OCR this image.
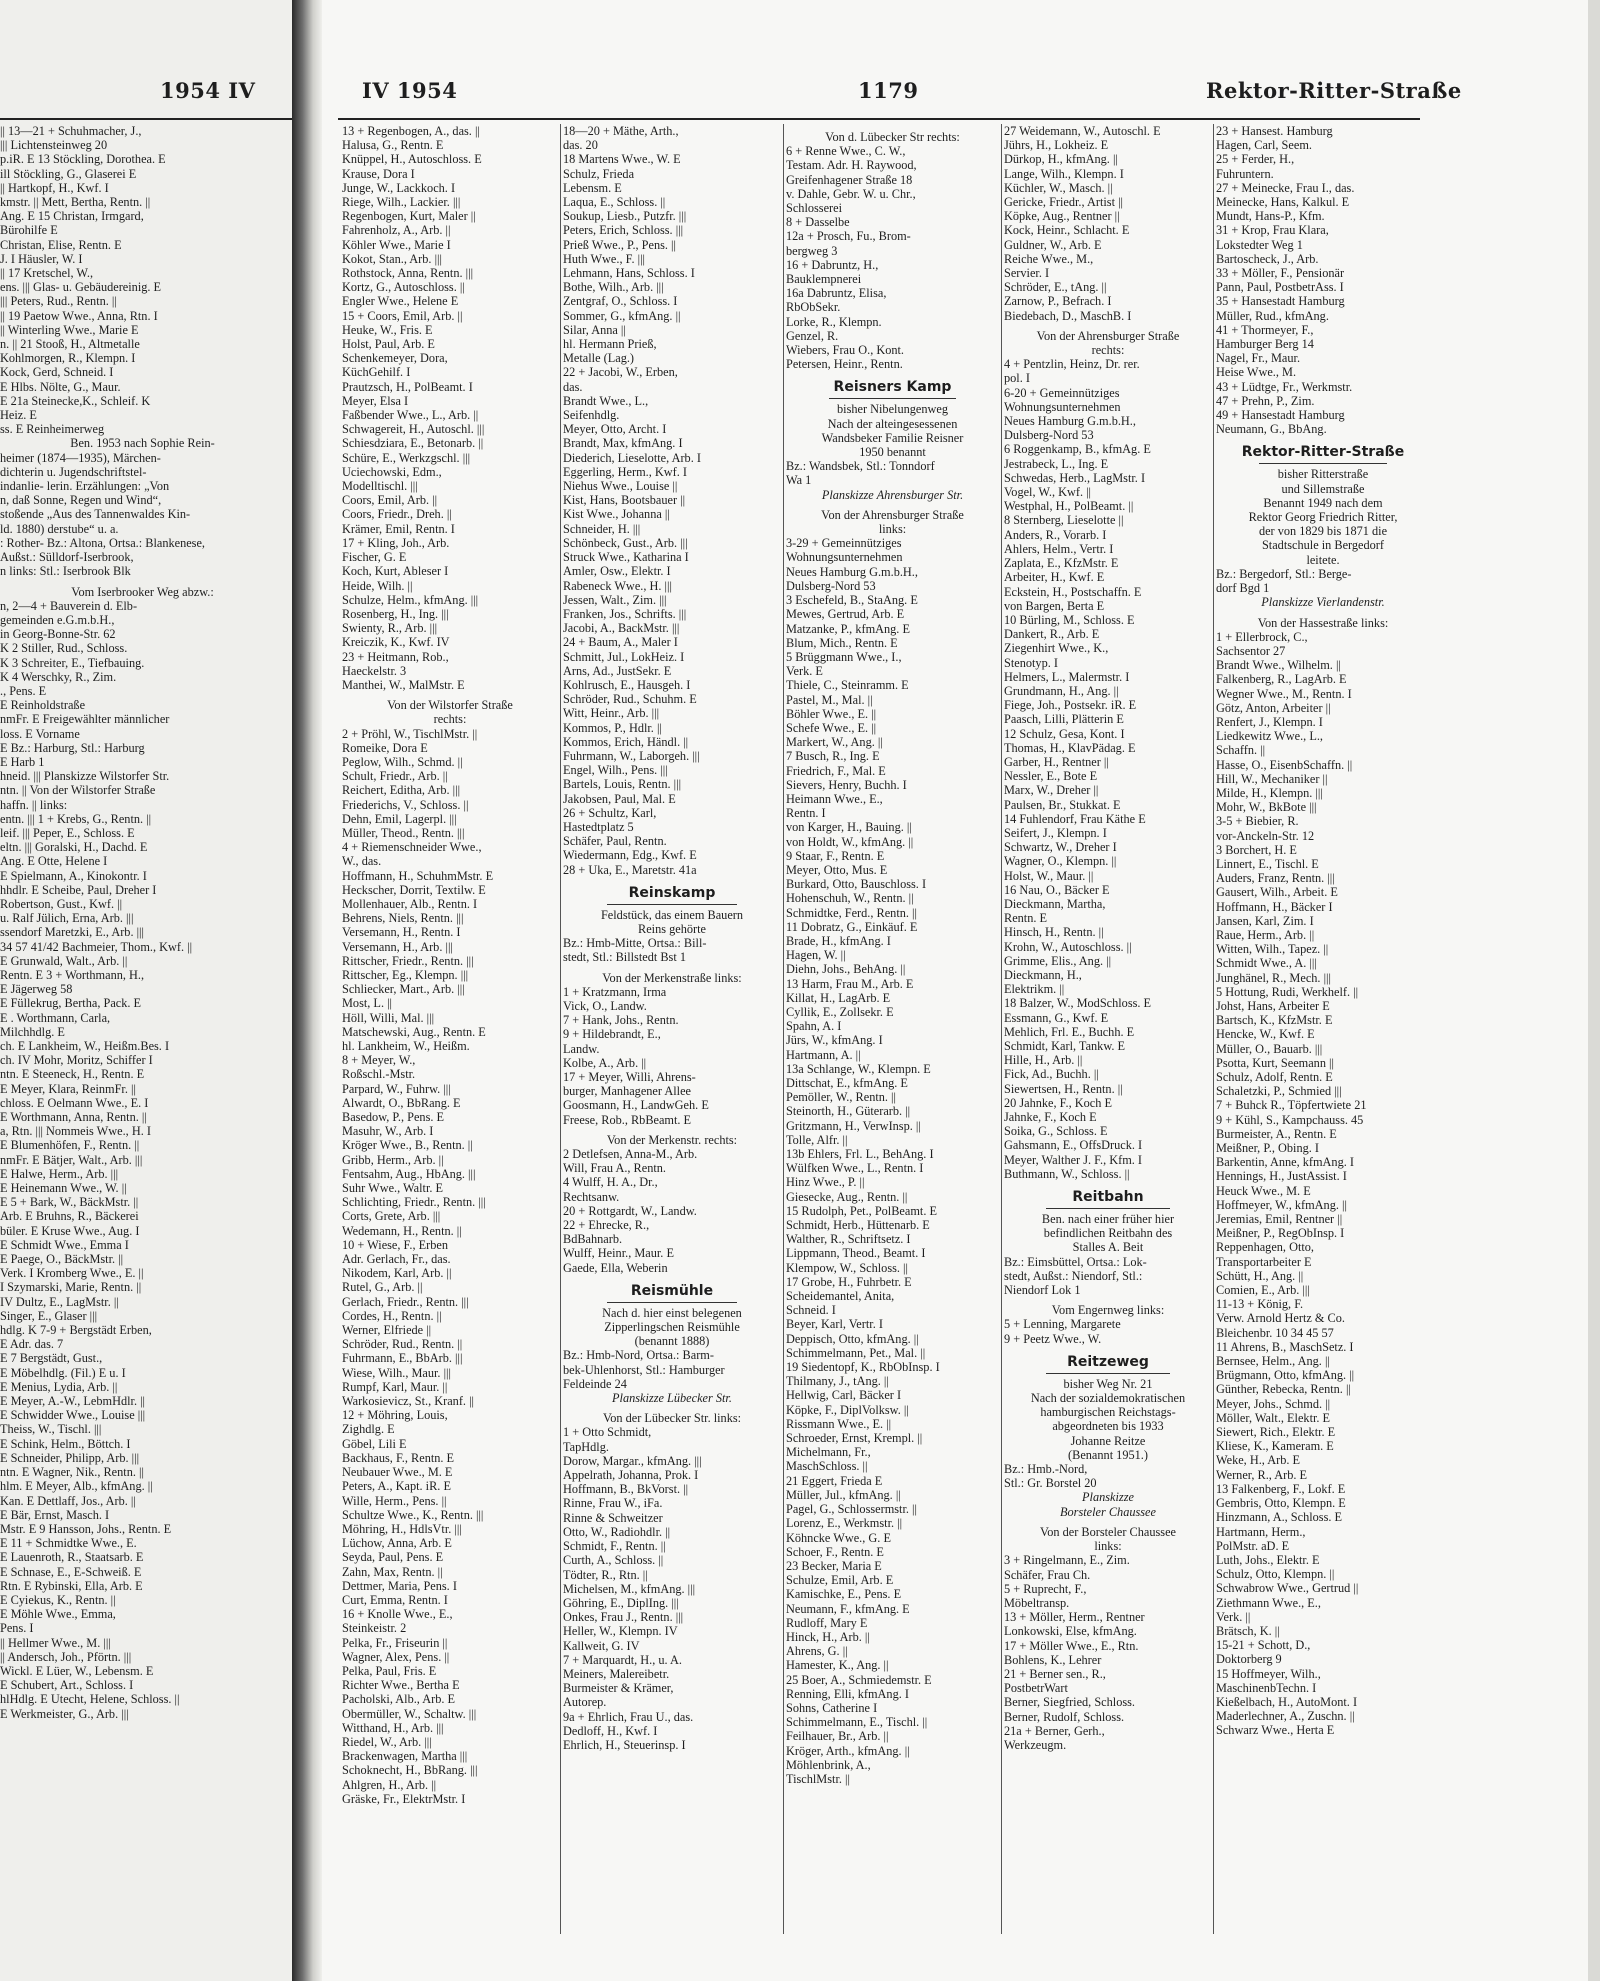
1954 IV	IV 1954	1179	Rektor-Ritter-Straße
|| 13—21 + Schuhmacher, J.,
||| Lichtensteinweg 20
p.iR. E 13 Stöckling, Dorothea. E
ill Stöckling, G., Glaserei E
|| Hartkopf, H., Kwf. I
kmstr. || Mett, Bertha, Rentn. ||
Ang. E 15 Christan, Irmgard,
Bürohilfe E
Christan, Elise, Rentn. E
J. I Häusler, W. I
|| 17 Kretschel, W.,
ens. ||| Glas- u. Gebäudereinig. E
||| Peters, Rud., Rentn. ||
|| 19 Paetow Wwe., Anna, Rtn. I
|| Winterling Wwe., Marie E
n. || 21 Stooß, H., Altmetalle
Kohlmorgen, R., Klempn. I
Kock, Gerd, Schneid. I
E Hlbs. Nölte, G., Maur.
E 21a Steinecke,K., Schleif. K
Heiz. E
ss. E Reinheimerweg
Ben. 1953 nach Sophie Rein-
heimer (1874—1935), Märchen-
dichterin u. Jugendschriftstel-
indanlie- lerin. Erzählungen: „Von
n, daß Sonne, Regen und Wind“,
stoßende „Aus des Tannenwaldes Kin-
ld. 1880) derstube“ u. a.
: Rother- Bz.: Altona, Ortsa.: Blankenese,
Außst.: Sülldorf-Iserbrook,
n links: Stl.: Iserbrook Blk
Vom Iserbrooker Weg abzw.:
n, 2—4 + Bauverein d. Elb-
gemeinden e.G.m.b.H.,
in Georg-Bonne-Str. 62
K 2 Stiller, Rud., Schloss.
K 3 Schreiter, E., Tiefbauing.
K 4 Werschky, R., Zim.
., Pens. E
E Reinholdstraße
nmFr. E Freigewählter männlicher
loss. E Vorname
E Bz.: Harburg, Stl.: Harburg
E Harb 1
hneid. ||| Planskizze Wilstorfer Str.
ntn. || Von der Wilstorfer Straße
haffn. || links:
entn. ||| 1 + Krebs, G., Rentn. ||
leif. ||| Peper, E., Schloss. E
eltn. ||| Goralski, H., Dachd. E
Ang. E Otte, Helene I
E Spielmann, A., Kinokontr. I
hhdlr. E Scheibe, Paul, Dreher I
Robertson, Gust., Kwf. ||
u. Ralf Jülich, Erna, Arb. |||
ssendorf Maretzki, E., Arb. |||
34 57 41/42 Bachmeier, Thom., Kwf. ||
E Grunwald, Walt., Arb. ||
Rentn. E 3 + Worthmann, H.,
E Jägerweg 58
E Füllekrug, Bertha, Pack. E
E . Worthmann, Carla,
Milchhdlg. E
ch. E Lankheim, W., Heißm.Bes. I
ch. IV Mohr, Moritz, Schiffer I
ntn. E Steeneck, H., Rentn. E
E Meyer, Klara, ReinmFr. ||
chloss. E Oelmann Wwe., E. I
E Worthmann, Anna, Rentn. ||
a, Rtn. ||| Nommeis Wwe., H. I
E Blumenhöfen, F., Rentn. ||
nmFr. E Bätjer, Walt., Arb. |||
E Halwe, Herm., Arb. |||
E Heinemann Wwe., W. ||
E 5 + Bark, W., BäckMstr. ||
Arb. E Bruhns, R., Bäckerei
büler. E Kruse Wwe., Aug. I
E Schmidt Wwe., Emma I
E Paege, O., BäckMstr. ||
Verk. I Kromberg Wwe., E. ||
I Szymarski, Marie, Rentn. ||
IV Dultz, E., LagMstr. ||
Singer, E., Glaser |||
hdlg. K 7-9 + Bergstädt Erben,
E Adr. das. 7
E 7 Bergstädt, Gust.,
E Möbelhdlg. (Fil.) E u. I
E Menius, Lydia, Arb. ||
E Meyer, A.-W., LebmHdlr. ||
E Schwidder Wwe., Louise |||
Theiss, W., Tischl. |||
E Schink, Helm., Böttch. I
E Schneider, Philipp, Arb. |||
ntn. E Wagner, Nik., Rentn. ||
hlm. E Meyer, Alb., kfmAng. ||
Kan. E Dettlaff, Jos., Arb. ||
E Bär, Ernst, Masch. I
Mstr. E 9 Hansson, Johs., Rentn. E
E 11 + Schmidtke Wwe., E.
E Lauenroth, R., Staatsarb. E
E Schnase, E., E-Schweiß. E
Rtn. E Rybinski, Ella, Arb. E
E Cyiekus, K., Rentn. ||
E Möhle Wwe., Emma,
Pens. I
|| Hellmer Wwe., M. |||
|| Andersch, Joh., Pförtn. |||
Wickl. E Lüer, W., Lebensm. E
E Schubert, Art., Schloss. I
hlHdlg. E Utecht, Helene, Schloss. ||
E Werkmeister, G., Arb. |||
13 + Regenbogen, A., das. ||
Halusa, G., Rentn. E
Knüppel, H., Autoschloss. E
Krause, Dora I
Junge, W., Lackkoch. I
Riege, Wilh., Lackier. |||
Regenbogen, Kurt, Maler ||
Fahrenholz, A., Arb. ||
Köhler Wwe., Marie I
Kokot, Stan., Arb. |||
Rothstock, Anna, Rentn. |||
Kortz, G., Autoschloss. ||
Engler Wwe., Helene E
15 + Coors, Emil, Arb. ||
Heuke, W., Fris. E
Holst, Paul, Arb. E
Schenkemeyer, Dora,
KüchGehilf. I
Prautzsch, H., PolBeamt. I
Meyer, Elsa I
Faßbender Wwe., L., Arb. ||
Schwagereit, H., Autoschl. |||
Schiesdziara, E., Betonarb. ||
Schüre, E., Werkzgschl. |||
Uciechowski, Edm.,
Modelltischl. |||
Coors, Emil, Arb. ||
Coors, Friedr., Dreh. ||
Krämer, Emil, Rentn. I
17 + Kling, Joh., Arb.
Fischer, G. E
Koch, Kurt, Ableser I
Heide, Wilh. ||
Schulze, Helm., kfmAng. |||
Rosenberg, H., Ing. |||
Swienty, R., Arb. |||
Kreiczik, K., Kwf. IV
23 + Heitmann, Rob.,
Haeckelstr. 3
Manthei, W., MalMstr. E
Von der Wilstorfer Straße
rechts:
2 + Pröhl, W., TischlMstr. ||
Romeike, Dora E
Peglow, Wilh., Schmd. ||
Schult, Friedr., Arb. ||
Reichert, Editha, Arb. |||
Friederichs, V., Schloss. ||
Dehn, Emil, Lagerpl. |||
Müller, Theod., Rentn. |||
4 + Riemenschneider Wwe.,
W., das.
Hoffmann, H., SchuhmMstr. E
Heckscher, Dorrit, Textilw. E
Mollenhauer, Alb., Rentn. I
Behrens, Niels, Rentn. |||
Versemann, H., Rentn. I
Versemann, H., Arb. |||
Rittscher, Friedr., Rentn. |||
Rittscher, Eg., Klempn. |||
Schliecker, Mart., Arb. |||
Most, L. ||
Höll, Willi, Mal. |||
Matschewski, Aug., Rentn. E
hl. Lankheim, W., Heißm.
8 + Meyer, W.,
Roßschl.-Mstr.
Parpard, W., Fuhrw. |||
Alwardt, O., BbRang. E
Basedow, P., Pens. E
Masuhr, W., Arb. I
Kröger Wwe., B., Rentn. ||
Gribb, Herm., Arb. ||
Fentsahm, Aug., HbAng. |||
Suhr Wwe., Waltr. E
Schlichting, Friedr., Rentn. |||
Corts, Grete, Arb. |||
Wedemann, H., Rentn. ||
10 + Wiese, F., Erben
Adr. Gerlach, Fr., das.
Nikodem, Karl, Arb. ||
Rutel, G., Arb. ||
Gerlach, Friedr., Rentn. |||
Cordes, H., Rentn. ||
Werner, Elfriede ||
Schröder, Rud., Rentn. ||
Fuhrmann, E., BbArb. |||
Wiese, Wilh., Maur. |||
Rumpf, Karl, Maur. ||
Warkosievicz, St., Kranf. ||
12 + Möhring, Louis,
Zighdlg. E
Göbel, Lili E
Backhaus, F., Rentn. E
Neubauer Wwe., M. E
Peters, A., Kapt. iR. E
Wille, Herm., Pens. ||
Schultze Wwe., K., Rentn. |||
Möhring, H., HdlsVtr. |||
Lüchow, Anna, Arb. E
Seyda, Paul, Pens. E
Zahn, Max, Rentn. ||
Dettmer, Maria, Pens. I
Curt, Emma, Rentn. I
16 + Knolle Wwe., E.,
Steinkeistr. 2
Pelka, Fr., Friseurin ||
Wagner, Alex, Pens. ||
Pelka, Paul, Fris. E
Richter Wwe., Bertha E
Pacholski, Alb., Arb. E
Obermüller, W., Schaltw. |||
Witthand, H., Arb. |||
Riedel, W., Arb. |||
Brackenwagen, Martha |||
Schoknecht, H., BbRang. |||
Ahlgren, H., Arb. ||
Gräske, Fr., ElektrMstr. I
18—20 + Mäthe, Arth.,
das. 20
18 Martens Wwe., W. E
Schulz, Frieda
Lebensm. E
Laqua, E., Schloss. ||
Soukup, Liesb., Putzfr. |||
Peters, Erich, Schloss. |||
Prieß Wwe., P., Pens. ||
Huth Wwe., F. |||
Lehmann, Hans, Schloss. I
Bothe, Wilh., Arb. |||
Zentgraf, O., Schloss. I
Sommer, G., kfmAng. ||
Silar, Anna ||
hl. Hermann Prieß,
Metalle (Lag.)
22 + Jacobi, W., Erben,
das.
Brandt Wwe., L.,
Seifenhdlg.
Meyer, Otto, Archt. I
Brandt, Max, kfmAng. I
Diederich, Lieselotte, Arb. I
Eggerling, Herm., Kwf. I
Niehus Wwe., Louise ||
Kist, Hans, Bootsbauer ||
Kist Wwe., Johanna ||
Schneider, H. |||
Schönbeck, Gust., Arb. |||
Struck Wwe., Katharina I
Amler, Osw., Elektr. I
Rabeneck Wwe., H. |||
Jessen, Walt., Zim. |||
Franken, Jos., Schrifts. |||
Jacobi, A., BackMstr. |||
24 + Baum, A., Maler I
Schmitt, Jul., LokHeiz. I
Arns, Ad., JustSekr. E
Kohlrusch, E., Hausgeh. I
Schröder, Rud., Schuhm. E
Witt, Heinr., Arb. |||
Kommos, P., Hdlr. ||
Kommos, Erich, Händl. ||
Fuhrmann, W., Laborgeh. |||
Engel, Wilh., Pens. |||
Bartels, Louis, Rentn. |||
Jakobsen, Paul, Mal. E
26 + Schultz, Karl,
Hastedtplatz 5
Schäfer, Paul, Rentn.
Wiedermann, Edg., Kwf. E
28 + Uka, E., Maretstr. 41a
Reinskamp
Feldstück, das einem Bauern
Reins gehörte
Bz.: Hmb-Mitte, Ortsa.: Bill-
stedt, Stl.: Billstedt Bst 1
Von der Merkenstraße links:
1 + Kratzmann, Irma
Vick, O., Landw.
7 + Hank, Johs., Rentn.
9 + Hildebrandt, E.,
Landw.
Kolbe, A., Arb. ||
17 + Meyer, Willi, Ahrens-
burger, Manhagener Allee
Goosmann, H., LandwGeh. E
Freese, Rob., RbBeamt. E
Von der Merkenstr. rechts:
2 Detlefsen, Anna-M., Arb.
Will, Frau A., Rentn.
4 Wulff, H. A., Dr.,
Rechtsanw.
20 + Rottgardt, W., Landw.
22 + Ehrecke, R.,
BdBahnarb.
Wulff, Heinr., Maur. E
Gaede, Ella, Weberin
Reismühle
Nach d. hier einst belegenen
Zipperlingschen Reismühle
(benannt 1888)
Bz.: Hmb-Nord, Ortsa.: Barm-
bek-Uhlenhorst, Stl.: Hamburger
Feldeinde 24
Planskizze Lübecker Str.
Von der Lübecker Str. links:
1 + Otto Schmidt,
TapHdlg.
Dorow, Margar., kfmAng. |||
Appelrath, Johanna, Prok. I
Hoffmann, B., BkVorst. ||
Rinne, Frau W., iFa.
Rinne & Schweitzer
Otto, W., Radiohdlr. ||
Schmidt, F., Rentn. ||
Curth, A., Schloss. ||
Tödter, R., Rtn. ||
Michelsen, M., kfmAng. |||
Göhring, E., DiplIng. |||
Onkes, Frau J., Rentn. |||
Heller, W., Klempn. IV
Kallweit, G. IV
7 + Marquardt, H., u. A.
Meiners, Malereibetr.
Burmeister & Krämer,
Autorep.
9a + Ehrlich, Frau U., das.
Dedloff, H., Kwf. I
Ehrlich, H., Steuerinsp. I
Von d. Lübecker Str rechts:
6 + Renne Wwe., C. W.,
Testam. Adr. H. Raywood,
Greifenhagener Straße 18
v. Dahle, Gebr. W. u. Chr.,
Schlosserei
8 + Dasselbe
12a + Prosch, Fu., Brom-
bergweg 3
16 + Dabruntz, H.,
Bauklempnerei
16a Dabruntz, Elisa,
RbObSekr.
Lorke, R., Klempn.
Genzel, R.
Wiebers, Frau O., Kont.
Petersen, Heinr., Rentn.
Reisners Kamp
bisher Nibelungenweg
Nach der alteingesessenen
Wandsbeker Familie Reisner
1950 benannt
Bz.: Wandsbek, Stl.: Tonndorf
Wa 1
Planskizze Ahrensburger Str.
Von der Ahrensburger Straße
links:
3-29 + Gemeinnütziges
Wohnungsunternehmen
Neues Hamburg G.m.b.H.,
Dulsberg-Nord 53
3 Eschefeld, B., StaAng. E
Mewes, Gertrud, Arb. E
Matzanke, P., kfmAng. E
Blum, Mich., Rentn. E
5 Brüggmann Wwe., I.,
Verk. E
Thiele, C., Steinramm. E
Pastel, M., Mal. ||
Böhler Wwe., E. ||
Schefe Wwe., E. ||
Markert, W., Ang. ||
7 Busch, R., Ing. E
Friedrich, F., Mal. E
Sievers, Henry, Buchh. I
Heimann Wwe., E.,
Rentn. I
von Karger, H., Bauing. ||
von Holdt, W., kfmAng. ||
9 Staar, F., Rentn. E
Meyer, Otto, Mus. E
Burkard, Otto, Bauschloss. I
Hohenschuh, W., Rentn. ||
Schmidtke, Ferd., Rentn. ||
11 Dobratz, G., Einkäuf. E
Brade, H., kfmAng. I
Hagen, W. ||
Diehn, Johs., BehAng. ||
13 Harm, Frau M., Arb. E
Killat, H., LagArb. E
Cyllik, E., Zollsekr. E
Spahn, A. I
Jürs, W., kfmAng. I
Hartmann, A. ||
13a Schlange, W., Klempn. E
Dittschat, E., kfmAng. E
Pemöller, W., Rentn. ||
Steinorth, H., Güterarb. ||
Gritzmann, H., VerwInsp. ||
Tolle, Alfr. ||
13b Ehlers, Frl. L., BehAng. I
Wülfken Wwe., L., Rentn. I
Hinz Wwe., P. ||
Giesecke, Aug., Rentn. ||
15 Rudolph, Pet., PolBeamt. E
Schmidt, Herb., Hüttenarb. E
Walther, R., Schriftsetz. I
Lippmann, Theod., Beamt. I
Klempow, W., Schloss. ||
17 Grobe, H., Fuhrbetr. E
Scheidemantel, Anita,
Schneid. I
Beyer, Karl, Vertr. I
Deppisch, Otto, kfmAng. ||
Schimmelmann, Pet., Mal. ||
19 Siedentopf, K., RbObInsp. I
Thilmany, J., tAng. ||
Hellwig, Carl, Bäcker I
Köpke, F., DiplVolksw. ||
Rissmann Wwe., E. ||
Schroeder, Ernst, Krempl. ||
Michelmann, Fr.,
MaschSchloss. ||
21 Eggert, Frieda E
Müller, Jul., kfmAng. ||
Pagel, G., Schlossermstr. ||
Lorenz, E., Werkmstr. ||
Köhncke Wwe., G. E
Schoer, F., Rentn. E
23 Becker, Maria E
Schulze, Emil, Arb. E
Kamischke, E., Pens. E
Neumann, F., kfmAng. E
Rudloff, Mary E
Hinck, H., Arb. ||
Ahrens, G. ||
Hamester, K., Ang. ||
25 Boer, A., Schmiedemstr. E
Renning, Elli, kfmAng. I
Sohns, Catherine I
Schimmelmann, E., Tischl. ||
Feilhauer, Br., Arb. ||
Kröger, Arth., kfmAng. ||
Möhlenbrink, A.,
TischlMstr. ||
27 Weidemann, W., Autoschl. E
Jührs, H., Lokheiz. E
Dürkop, H., kfmAng. ||
Lange, Wilh., Klempn. I
Küchler, W., Masch. ||
Gericke, Friedr., Artist ||
Köpke, Aug., Rentner ||
Kock, Heinr., Schlacht. E
Guldner, W., Arb. E
Reiche Wwe., M.,
Servier. I
Schröder, E., tAng. ||
Zarnow, P., Befrach. I
Biedebach, D., MaschB. I
Von der Ahrensburger Straße
rechts:
4 + Pentzlin, Heinz, Dr. rer.
pol. I
6-20 + Gemeinnütziges
Wohnungsunternehmen
Neues Hamburg G.m.b.H.,
Dulsberg-Nord 53
6 Roggenkamp, B., kfmAg. E
Jestrabeck, L., Ing. E
Schwedas, Herb., LagMstr. I
Vogel, W., Kwf. ||
Westphal, H., PolBeamt. ||
8 Sternberg, Lieselotte ||
Anders, R., Vorarb. I
Ahlers, Helm., Vertr. I
Zaplata, E., KfzMstr. E
Arbeiter, H., Kwf. E
Eckstein, H., Postschaffn. E
von Bargen, Berta E
10 Bürling, M., Schloss. E
Dankert, R., Arb. E
Ziegenhirt Wwe., K.,
Stenotyp. I
Helmers, L., Malermstr. I
Grundmann, H., Ang. ||
Fiege, Joh., Postsekr. iR. E
Paasch, Lilli, Plätterin E
12 Schulz, Gesa, Kont. I
Thomas, H., KlavPädag. E
Garber, H., Rentner ||
Nessler, E., Bote E
Marx, W., Dreher ||
Paulsen, Br., Stukkat. E
14 Fuhlendorf, Frau Käthe E
Seifert, J., Klempn. I
Schwartz, W., Dreher I
Wagner, O., Klempn. ||
Holst, W., Maur. ||
16 Nau, O., Bäcker E
Dieckmann, Martha,
Rentn. E
Hinsch, H., Rentn. ||
Krohn, W., Autoschloss. ||
Grimme, Elis., Ang. ||
Dieckmann, H.,
Elektrikm. ||
18 Balzer, W., ModSchloss. E
Essmann, G., Kwf. E
Mehlich, Frl. E., Buchh. E
Schmidt, Karl, Tankw. E
Hille, H., Arb. ||
Fick, Ad., Buchh. ||
Siewertsen, H., Rentn. ||
20 Jahnke, F., Koch E
Jahnke, F., Koch E
Soika, G., Schloss. E
Gahsmann, E., OffsDruck. I
Meyer, Walther J. F., Kfm. I
Buthmann, W., Schloss. ||
Reitbahn
Ben. nach einer früher hier
befindlichen Reitbahn des
Stalles A. Beit
Bz.: Eimsbüttel, Ortsa.: Lok-
stedt, Außst.: Niendorf, Stl.:
Niendorf Lok 1
Vom Engernweg links:
5 + Lenning, Margarete
9 + Peetz Wwe., W.
Reitzeweg
bisher Weg Nr. 21
Nach der sozialdemokratischen
hamburgischen Reichstags-
abgeordneten bis 1933
Johanne Reitze
(Benannt 1951.)
Bz.: Hmb.-Nord,
Stl.: Gr. Borstel 20
Planskizze
Borsteler Chaussee
Von der Borsteler Chaussee
links:
3 + Ringelmann, E., Zim.
Schäfer, Frau Ch.
5 + Ruprecht, F.,
Möbeltransp.
13 + Möller, Herm., Rentner
Lonkowski, Else, kfmAng.
17 + Möller Wwe., E., Rtn.
Bohlens, K., Lehrer
21 + Berner sen., R.,
PostbetrWart
Berner, Siegfried, Schloss.
Berner, Rudolf, Schloss.
21a + Berner, Gerh.,
Werkzeugm.
23 + Hansest. Hamburg
Hagen, Carl, Seem.
25 + Ferder, H.,
Fuhruntern.
27 + Meinecke, Frau I., das.
Meinecke, Hans, Kalkul. E
Mundt, Hans-P., Kfm.
31 + Krop, Frau Klara,
Lokstedter Weg 1
Bartoscheck, J., Arb.
33 + Möller, F., Pensionär
Pann, Paul, PostbetrAss. I
35 + Hansestadt Hamburg
Müller, Rud., kfmAng.
41 + Thormeyer, F.,
Hamburger Berg 14
Nagel, Fr., Maur.
Heise Wwe., M.
43 + Lüdtge, Fr., Werkmstr.
47 + Prehn, P., Zim.
49 + Hansestadt Hamburg
Neumann, G., BbAng.
Rektor-Ritter-Straße
bisher Ritterstraße
und Sillemstraße
Benannt 1949 nach dem
Rektor Georg Friedrich Ritter,
der von 1829 bis 1871 die
Stadtschule in Bergedorf
leitete.
Bz.: Bergedorf, Stl.: Berge-
dorf Bgd 1
Planskizze Vierlandenstr.
Von der Hassestraße links:
1 + Ellerbrock, C.,
Sachsentor 27
Brandt Wwe., Wilhelm. ||
Falkenberg, R., LagArb. E
Wegner Wwe., M., Rentn. I
Götz, Anton, Arbeiter ||
Renfert, J., Klempn. I
Liedkewitz Wwe., L.,
Schaffn. ||
Hasse, O., EisenbSchaffn. ||
Hill, W., Mechaniker ||
Milde, H., Klempn. |||
Mohr, W., BkBote |||
3-5 + Biebier, R.
vor-Anckeln-Str. 12
3 Borchert, H. E
Linnert, E., Tischl. E
Auders, Franz, Rentn. |||
Gausert, Wilh., Arbeit. E
Hoffmann, H., Bäcker I
Jansen, Karl, Zim. I
Raue, Herm., Arb. ||
Witten, Wilh., Tapez. ||
Schmidt Wwe., A. |||
Junghänel, R., Mech. |||
5 Hottung, Rudi, Werkhelf. ||
Johst, Hans, Arbeiter E
Bartsch, K., KfzMstr. E
Hencke, W., Kwf. E
Müller, O., Bauarb. |||
Psotta, Kurt, Seemann ||
Schulz, Adolf, Rentn. E
Schaletzki, P., Schmied |||
7 + Buhck R., Töpfertwiete 21
9 + Kühl, S., Kampchauss. 45
Burmeister, A., Rentn. E
Meißner, P., Obing. I
Barkentin, Anne, kfmAng. I
Hennings, H., JustAssist. I
Heuck Wwe., M. E
Hoffmeyer, W., kfmAng. ||
Jeremias, Emil, Rentner ||
Meißner, P., RegObInsp. I
Reppenhagen, Otto,
Transportarbeiter E
Schütt, H., Ang. ||
Comien, E., Arb. |||
11-13 + König, F.
Verw. Arnold Hertz & Co.
Bleichenbr. 10 34 45 57
11 Ahrens, B., MaschSetz. I
Bernsee, Helm., Ang. ||
Brügmann, Otto, kfmAng. ||
Günther, Rebecka, Rentn. ||
Meyer, Johs., Schmd. ||
Möller, Walt., Elektr. E
Siewert, Rich., Elektr. E
Kliese, K., Kameram. E
Weke, H., Arb. E
Werner, R., Arb. E
13 Falkenberg, F., Lokf. E
Gembris, Otto, Klempn. E
Hinzmann, A., Schloss. E
Hartmann, Herm.,
PolMstr. aD. E
Luth, Johs., Elektr. E
Schulz, Otto, Klempn. ||
Schwabrow Wwe., Gertrud ||
Ziethmann Wwe., E.,
Verk. ||
Brätsch, K. ||
15-21 + Schott, D.,
Doktorberg 9
15 Hoffmeyer, Wilh.,
MaschinenbTechn. I
Kießelbach, H., AutoMont. I
Maderlechner, A., Zuschn. ||
Schwarz Wwe., Herta E
